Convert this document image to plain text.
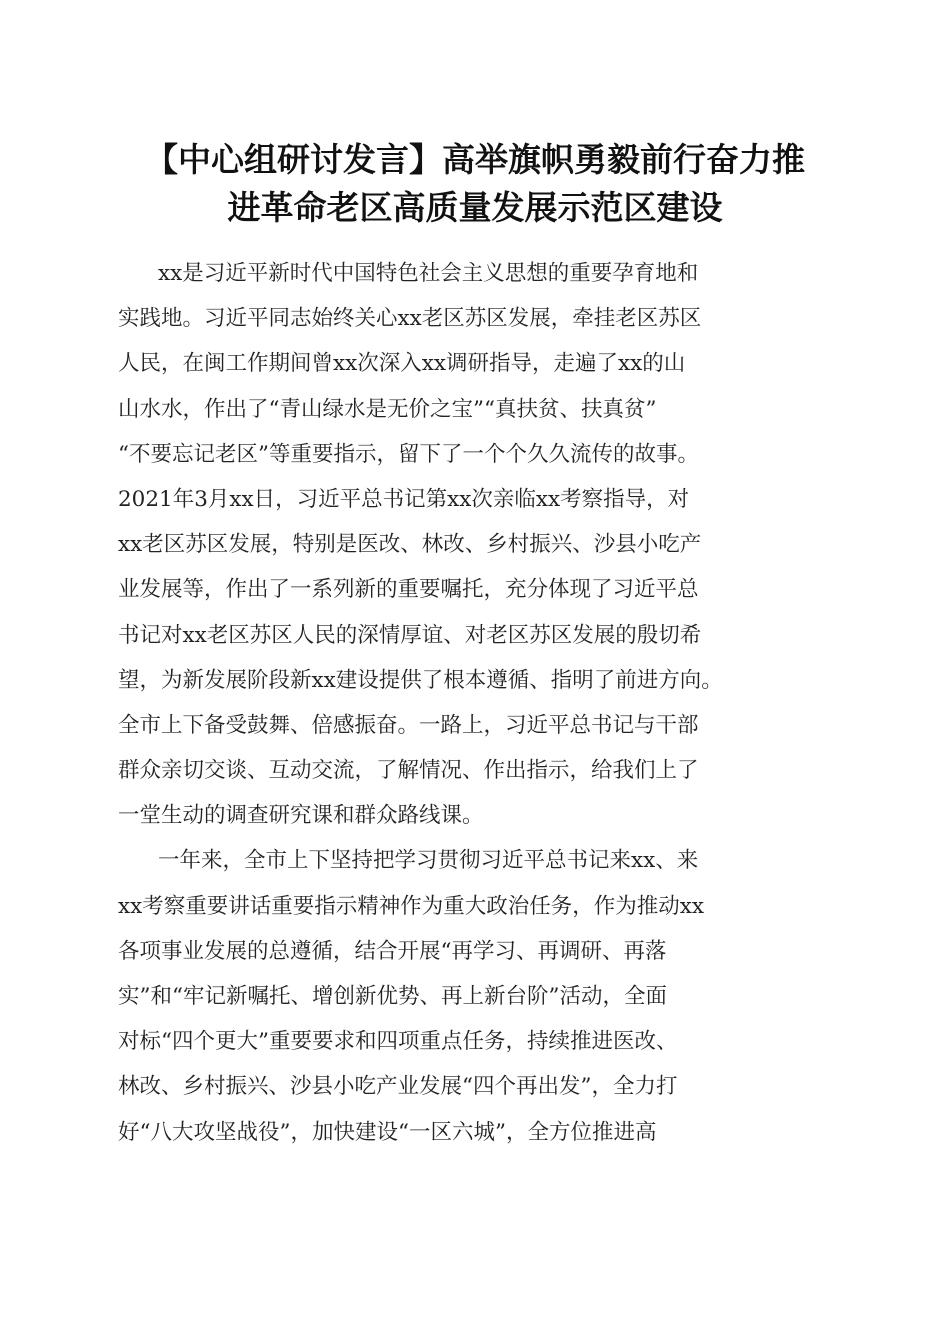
【中心组研讨发言】高举旗帜勇毅前行奋力推
进革命老区高质量发展示范区建设
xx是习近平新时代中国特色社会主义思想的重要孕育地和
实践地。习近平同志始终关心xx老区苏区发展，牵挂老区苏区
人民，在闽工作期间曾xx次深入xx调研指导，走遍了xx的山
山水水，作出了“青山绿水是无价之宝”“真扶贫、扶真贫”
“不要忘记老区”等重要指示，留下了一个个久久流传的故事。
2021年3月xx日，习近平总书记第xx次亲临xx考察指导，对
xx老区苏区发展，特别是医改、林改、乡村振兴、沙县小吃产
业发展等，作出了一系列新的重要嘱托，充分体现了习近平总
书记对xx老区苏区人民的深情厚谊、对老区苏区发展的殷切希
望，为新发展阶段新xx建设提供了根本遵循、指明了前进方向。
全市上下备受鼓舞、倍感振奋。一路上，习近平总书记与干部
群众亲切交谈、互动交流，了解情况、作出指示，给我们上了
一堂生动的调查研究课和群众路线课。
一年来，全市上下坚持把学习贯彻习近平总书记来xx、来
xx考察重要讲话重要指示精神作为重大政治任务，作为推动xx
各项事业发展的总遵循，结合开展“再学习、再调研、再落
实”和“牢记新嘱托、增创新优势、再上新台阶”活动，全面
对标“四个更大”重要要求和四项重点任务，持续推进医改、
林改、乡村振兴、沙县小吃产业发展“四个再出发”，全力打
好“八大攻坚战役”，加快建设“一区六城”，全方位推进高
